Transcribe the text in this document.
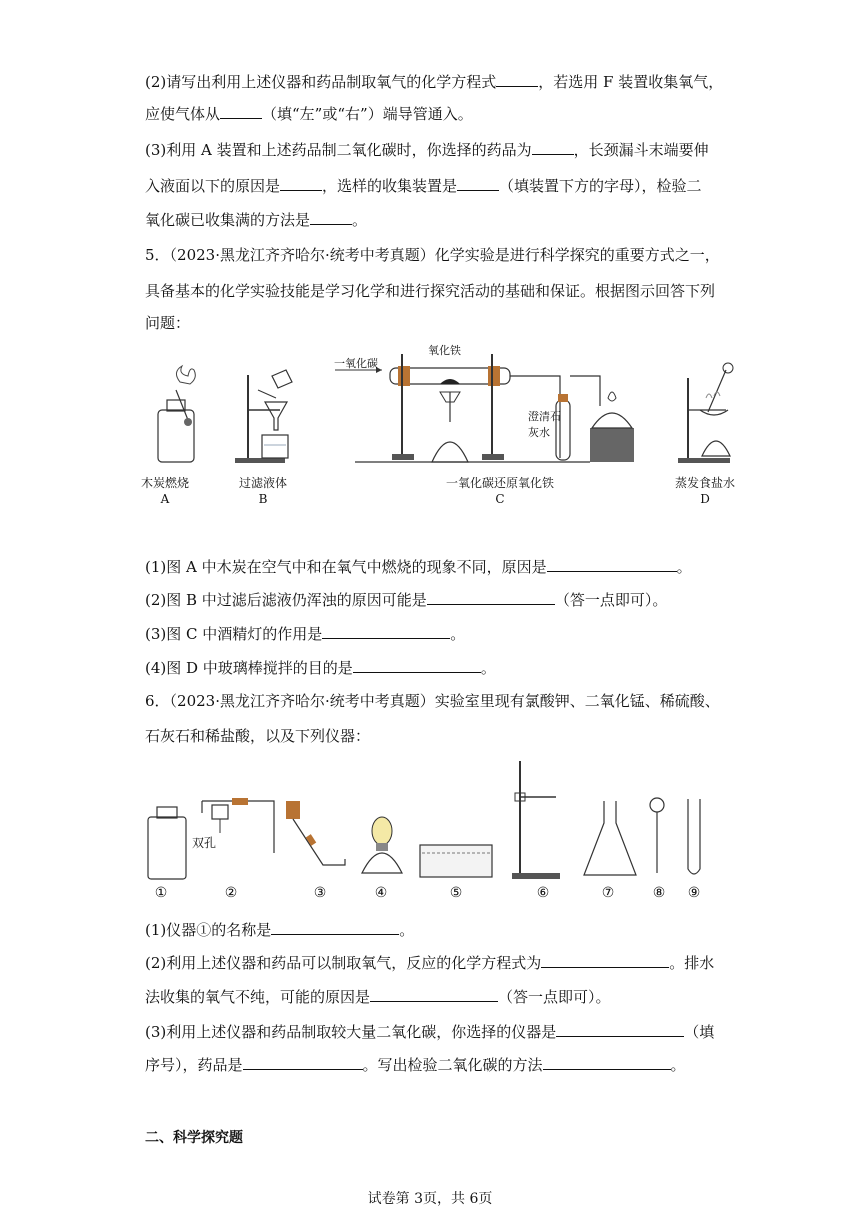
(2)请写出利用上述仪器和药品制取氧气的化学方程式	，若选用 F 装置收集氧气，
应使气体从	（填“左”或“右”）端导管通入。
(3)利用 A 装置和上述药品制二氧化碳时，你选择的药品为	，长颈漏斗末端要伸
入液面以下的原因是	，选样的收集装置是	（填装置下方的字母），检验二
氧化碳已收集满的方法是	。
5．（2023·黑龙江齐齐哈尔·统考中考真题）化学实验是进行科学探究的重要方式之一，
具备基本的化学实验技能是学习化学和进行探究活动的基础和保证。根据图示回答下列
问题：
一氧化碳
氧化铁
澄清石
灰水
木炭燃烧
A
过滤液体
B
一氧化碳还原氧化铁
C
蒸发食盐水
D
(1)图 A 中木炭在空气中和在氧气中燃烧的现象不同，原因是	。
(2)图 B 中过滤后滤液仍浑浊的原因可能是	（答一点即可）。
(3)图 C 中酒精灯的作用是	。
(4)图 D 中玻璃棒搅拌的目的是	。
6．（2023·黑龙江齐齐哈尔·统考中考真题）实验室里现有氯酸钾、二氧化锰、稀硫酸、
石灰石和稀盐酸，以及下列仪器：
双孔
①	②	③	④	⑤	⑥	⑦	⑧	⑨
(1)仪器①的名称是	。
(2)利用上述仪器和药品可以制取氧气，反应的化学方程式为	。排水
法收集的氧气不纯，可能的原因是	（答一点即可）。
(3)利用上述仪器和药品制取较大量二氧化碳，你选择的仪器是	（填
序号），药品是	。写出检验二氧化碳的方法	。
二、科学探究题
试卷第 3页，共 6页
